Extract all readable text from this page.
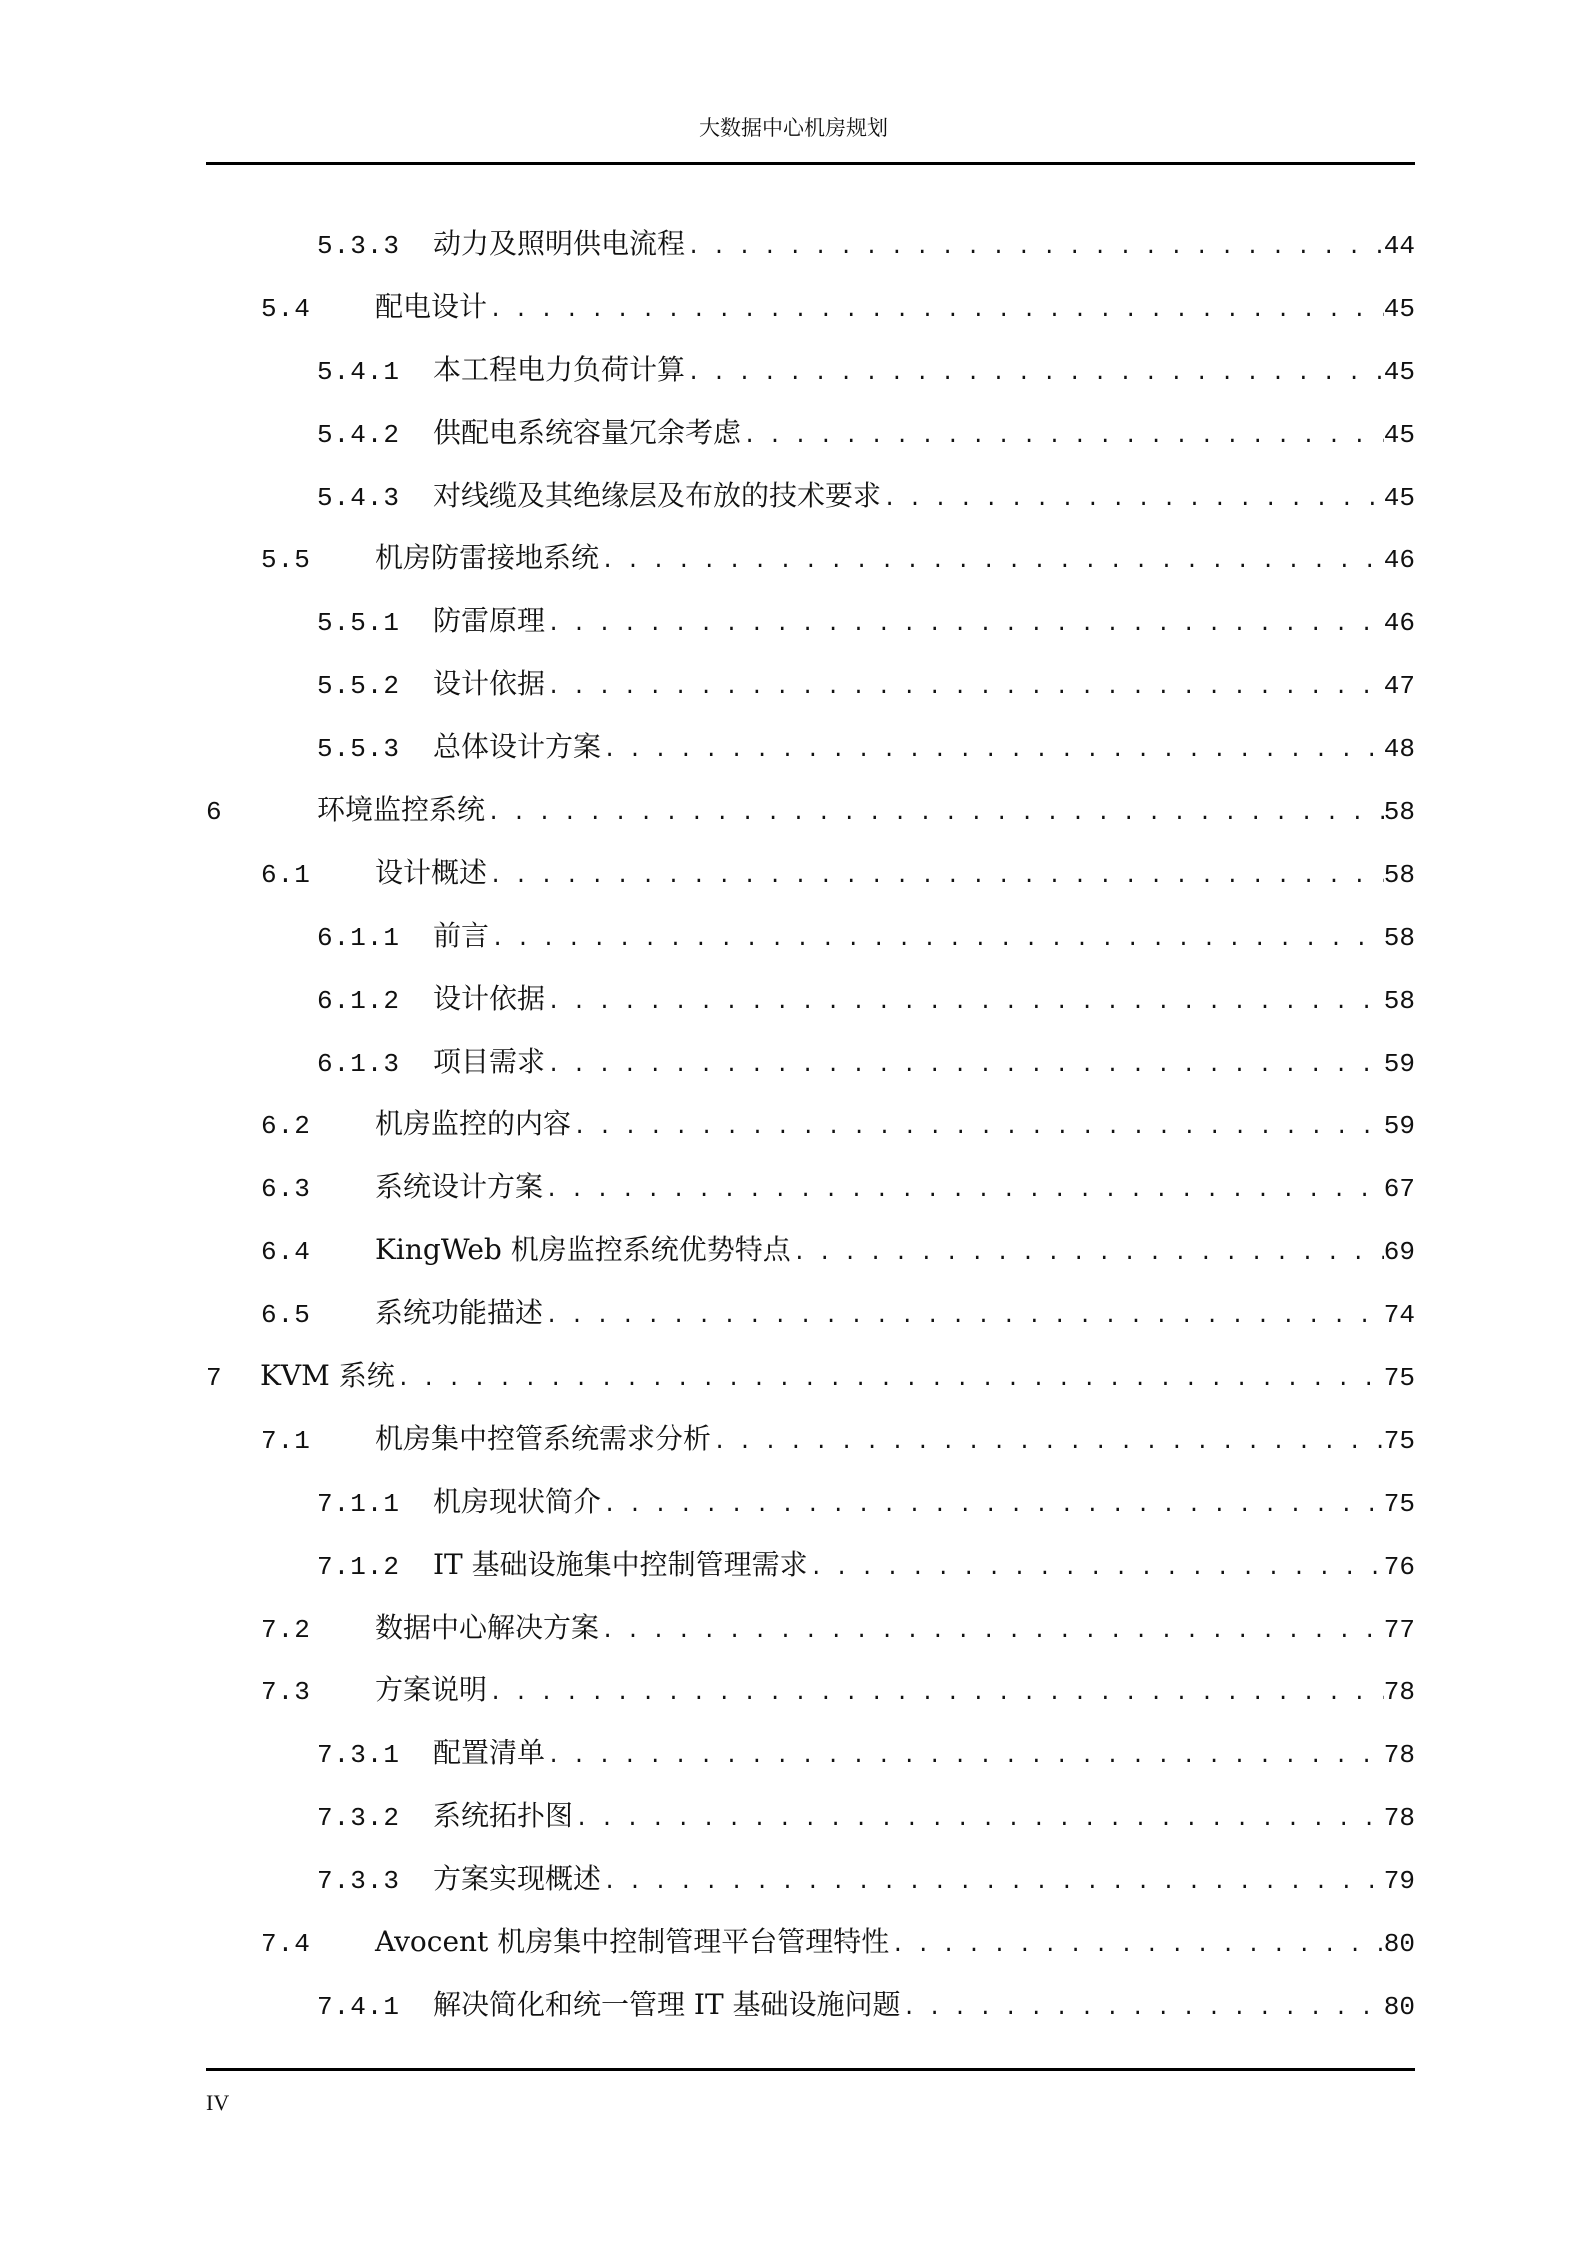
大数据中心机房规划
5.3.3	动力及照明供电流程 . . .	44
5.4	配电设计 . . .	45
5.4.1	本工程电力负荷计算 . . .	45
5.4.2	供配电系统容量冗余考虑 . . .	45
5.4.3	对线缆及其绝缘层及布放的技术要求 . . .	45
5.5	机房防雷接地系统 . . .	46
5.5.1	防雷原理 . . .	46
5.5.2	设计依据 . . .	47
5.5.3	总体设计方案 . . .	48
6	环境监控系统 . . .	58
6.1	设计概述 . . .	58
6.1.1	前言 . . .	58
6.1.2	设计依据 . . .	58
6.1.3	项目需求 . . .	59
6.2	机房监控的内容 . . .	59
6.3	系统设计方案 . . .	67
6.4	KingWeb 机房监控系统优势特点 . . .	69
6.5	系统功能描述 . . .	74
7	KVM 系统 . . .	75
7.1	机房集中控管系统需求分析 . . .	75
7.1.1	机房现状简介 . . .	75
7.1.2	IT 基础设施集中控制管理需求 . . .	76
7.2	数据中心解决方案 . . .	77
7.3	方案说明 . . .	78
7.3.1	配置清单 . . .	78
7.3.2	系统拓扑图 . . .	78
7.3.3	方案实现概述 . . .	79
7.4	Avocent 机房集中控制管理平台管理特性 . . .	80
7.4.1	解决简化和统一管理 IT 基础设施问题 . . .	80
IV
